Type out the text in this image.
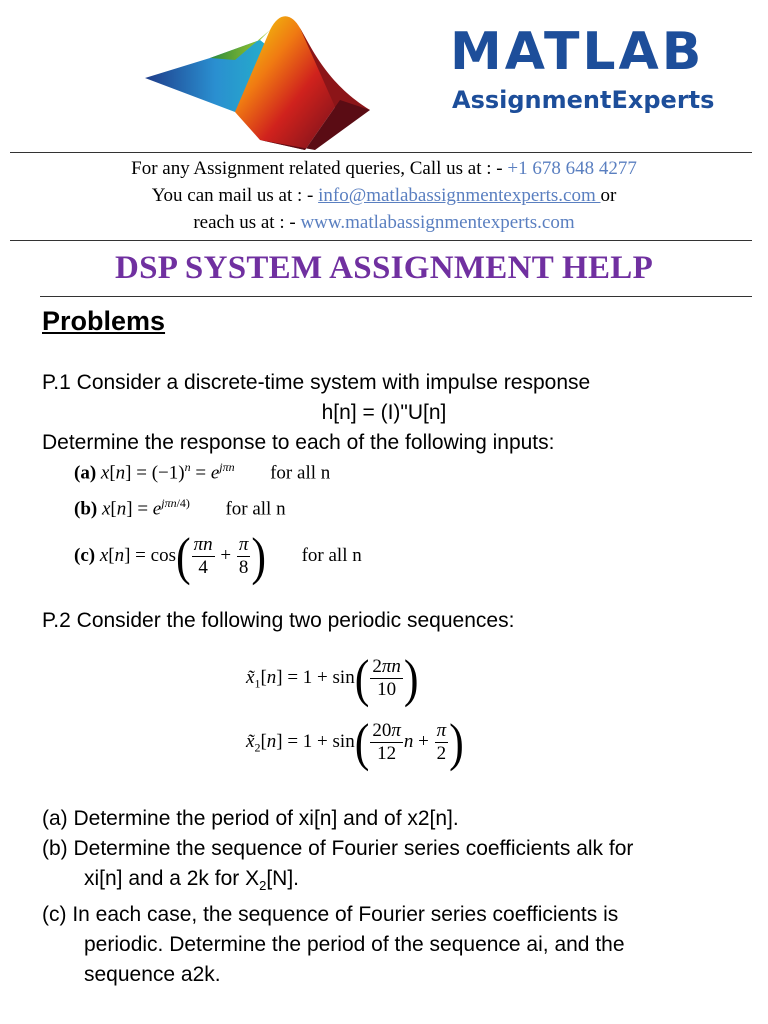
MATLAB
AssignmentExperts
For any Assignment related queries, Call us at : - +1 678 648 4277
You can mail us at : - info@matlabassignmentexperts.com or
reach us at : - www.matlabassignmentexperts.com
DSP SYSTEM ASSIGNMENT HELP
Problems
P.1 Consider a discrete-time system with impulse response
h[n] = (I)"U[n]
Determine the response to each of the following inputs:
(a) $x[n] = (-1)^n = e^{j\pi n}$ for all n
(b) $x[n] = e^{j\pi n/4)}$ for all n
(c) $x[n] = \cos( \frac{\pi n}{4} + \frac{\pi}{8}$ ) for all n
P.2 Consider the following two periodic sequences:
$x̃_1[n] = 1 + \sin( \frac{2\pi n}{10}$ )
$x̃_2[n] = 1 + \sin( \frac{20\pi}{12}$ $n + \frac{\pi}{2}$ )
(a) Determine the period of xi[n] and of x2[n].
(b) Determine the sequence of Fourier series coefficients alk for
xi[n] and a 2k for $X_2[N]$.
(c) In each case, the sequence of Fourier series coefficients is
periodic. Determine the period of the sequence ai, and the
sequence a2k.
